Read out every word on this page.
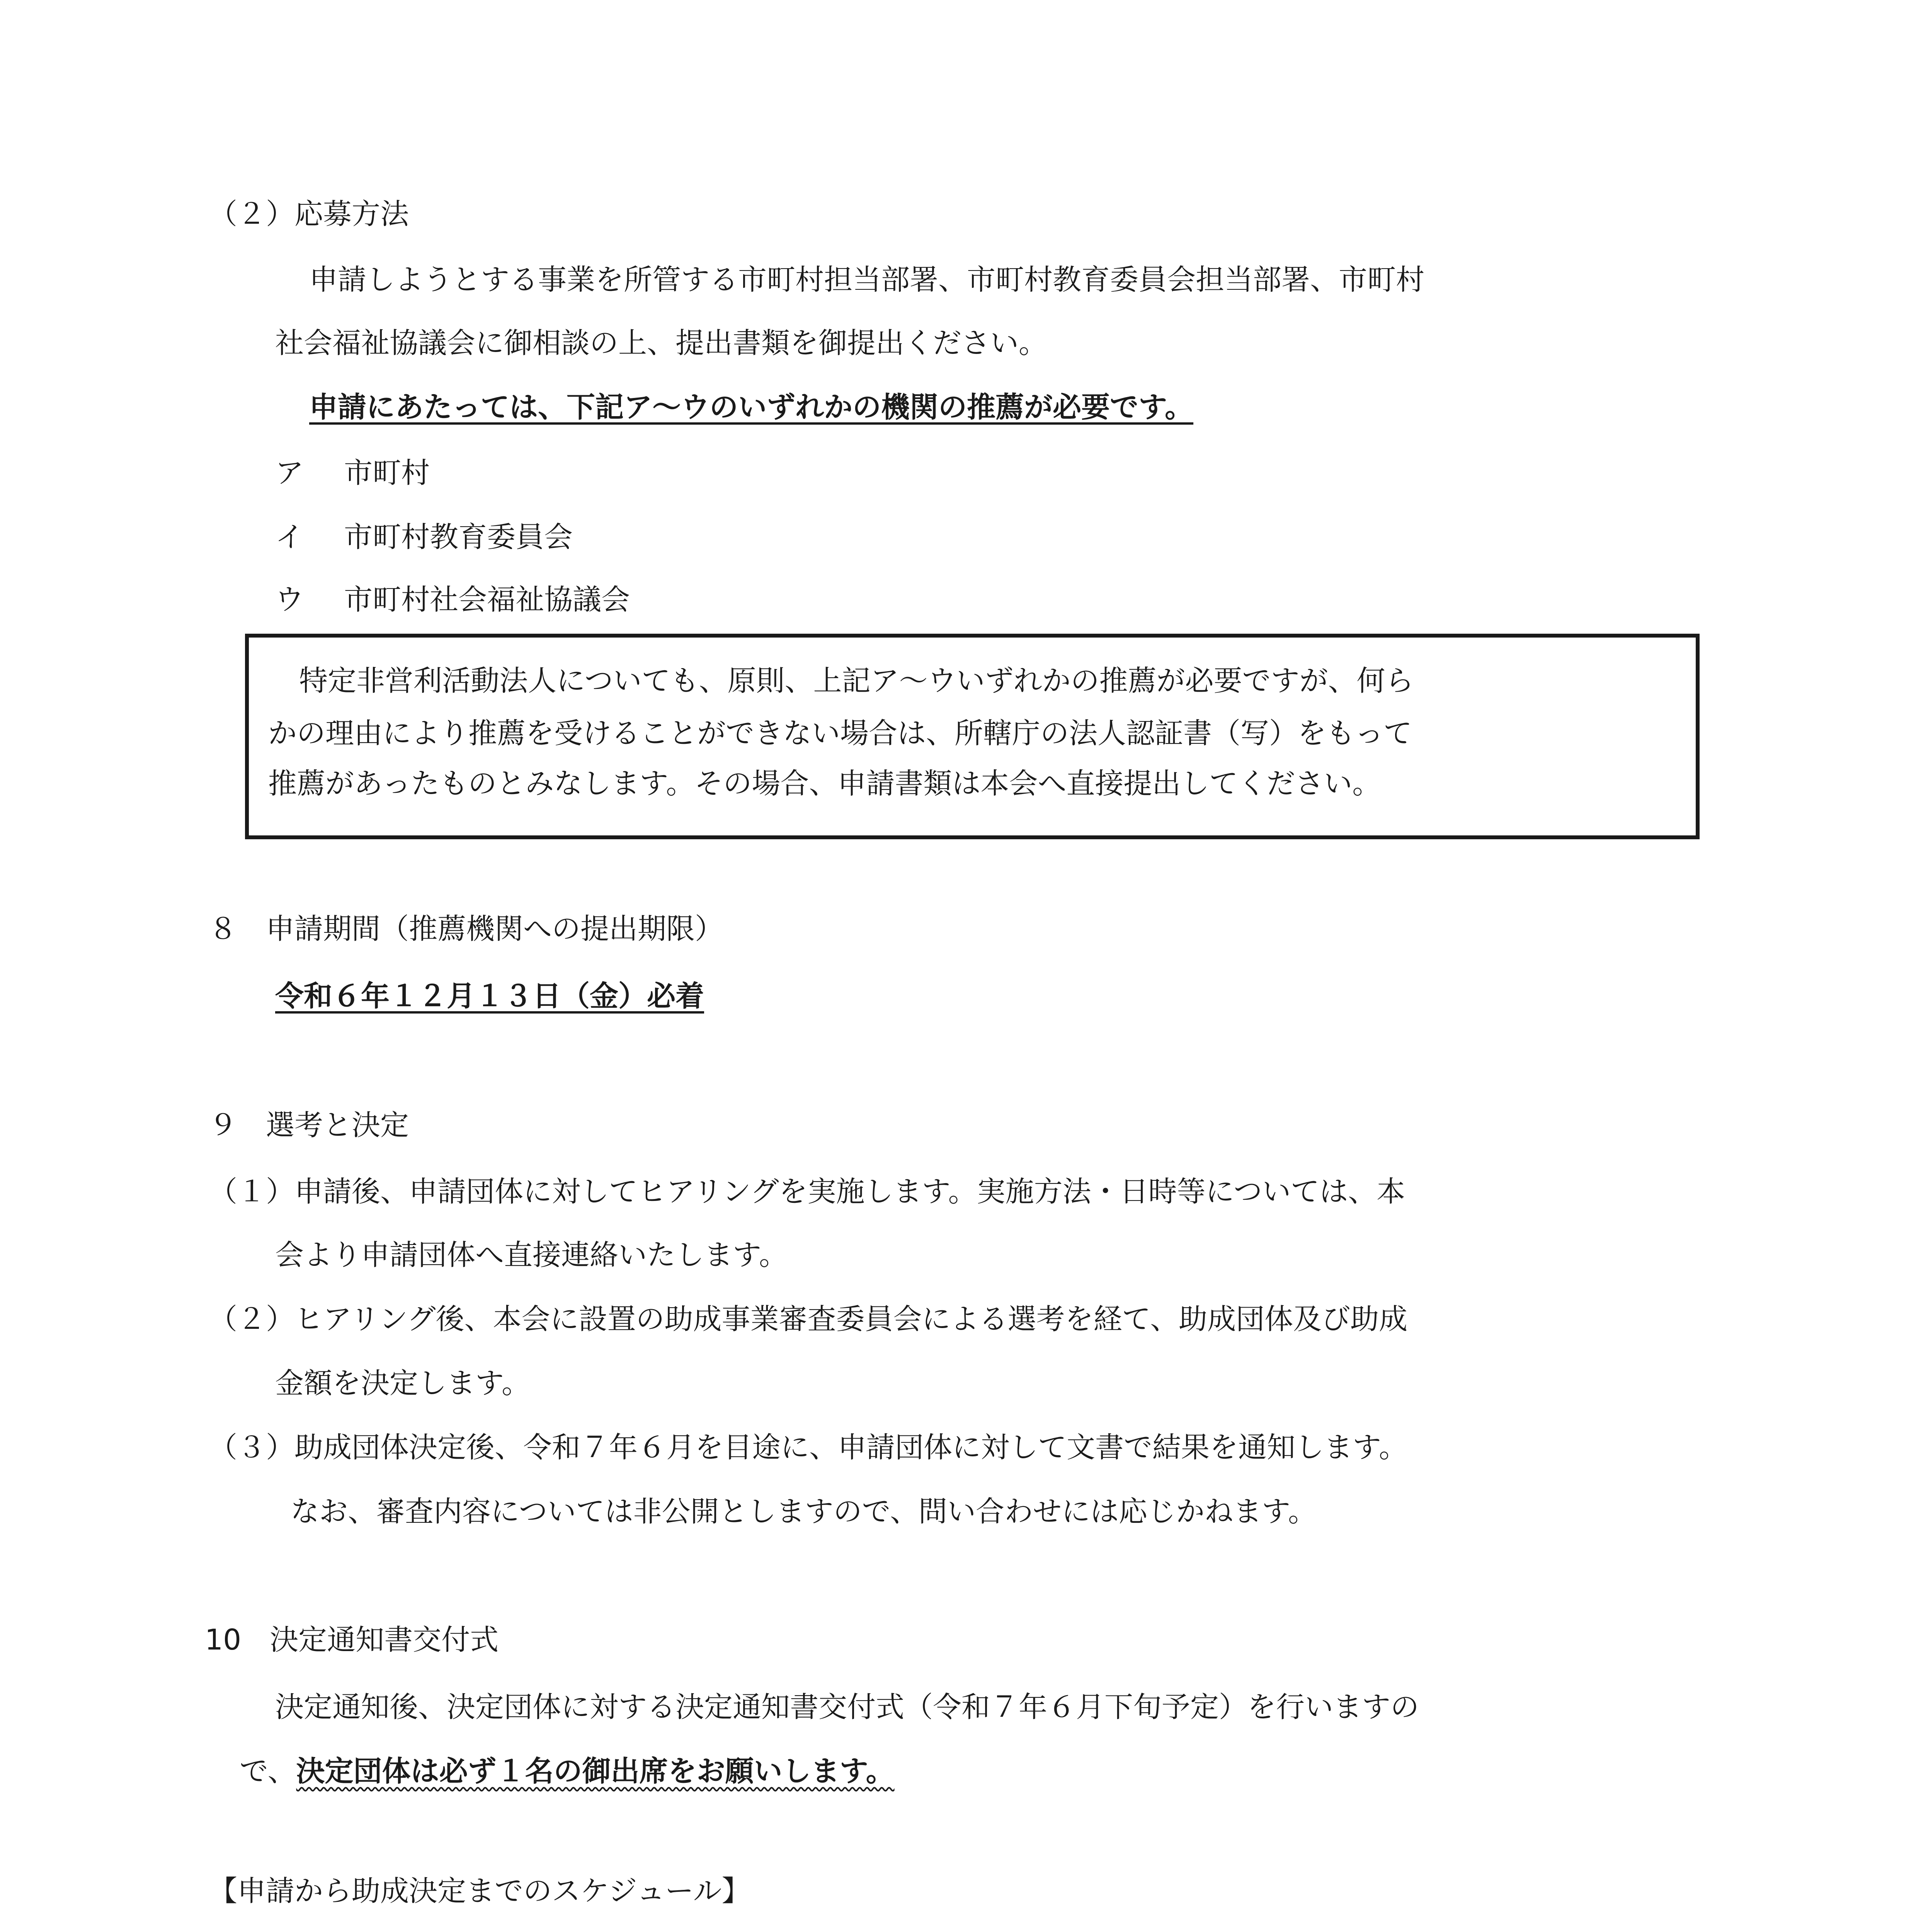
（２）応募方法
申請しようとする事業を所管する市町村担当部署、市町村教育委員会担当部署、市町村
社会福祉協議会に御相談の上、提出書類を御提出ください。
申請にあたっては、下記ア～ウのいずれかの機関の推薦が必要です。
ア 市町村
イ 市町村教育委員会
ウ 市町村社会福祉協議会

特定非営利活動法人についても、原則、上記ア～ウいずれかの推薦が必要ですが、何ら

かの理由により推薦を受けることができない場合は、所轄庁の法人認証書（写）をもって

推薦があったものとみなします。その場合、申請書類は本会へ直接提出してください。

８　申請期間（推薦機関への提出期限）
令和６年１２月１３日（金）必着
９　選考と決定
（１）申請後、申請団体に対してヒアリングを実施します。実施方法・日時等については、本
会より申請団体へ直接連絡いたします。
（２）ヒアリング後、本会に設置の助成事業審査委員会による選考を経て、助成団体及び助成
金額を決定します。
（３）助成団体決定後、令和７年６月を目途に、申請団体に対して文書で結果を通知します。
なお、審査内容については非公開としますので、問い合わせには応じかねます。
10　決定通知書交付式
決定通知後、決定団体に対する決定通知書交付式（令和７年６月下旬予定）を行いますの
で、決定団体は必ず１名の御出席をお願いします。
【申請から助成決定までのスケジュール】
